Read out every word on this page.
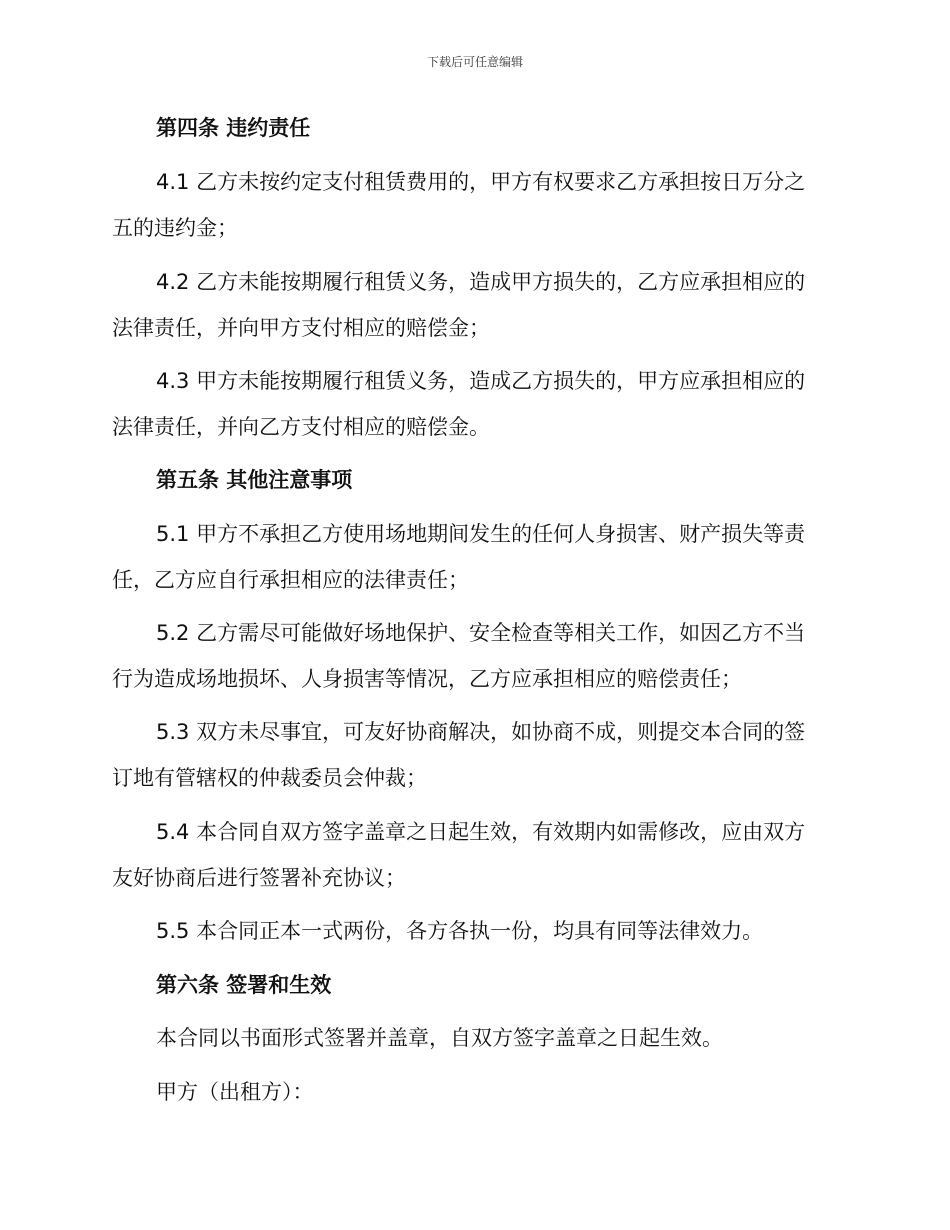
下载后可任意编辑
第四条 违约责任
4.1 乙方未按约定支付租赁费用的，甲方有权要求乙方承担按日万分之
五的违约金；
4.2 乙方未能按期履行租赁义务，造成甲方损失的，乙方应承担相应的
法律责任，并向甲方支付相应的赔偿金；
4.3 甲方未能按期履行租赁义务，造成乙方损失的，甲方应承担相应的
法律责任，并向乙方支付相应的赔偿金。
第五条 其他注意事项
5.1 甲方不承担乙方使用场地期间发生的任何人身损害、财产损失等责
任，乙方应自行承担相应的法律责任；
5.2 乙方需尽可能做好场地保护、安全检查等相关工作，如因乙方不当
行为造成场地损坏、人身损害等情况，乙方应承担相应的赔偿责任；
5.3 双方未尽事宜，可友好协商解决，如协商不成，则提交本合同的签
订地有管辖权的仲裁委员会仲裁；
5.4 本合同自双方签字盖章之日起生效，有效期内如需修改，应由双方
友好协商后进行签署补充协议；
5.5 本合同正本一式两份，各方各执一份，均具有同等法律效力。
第六条 签署和生效
本合同以书面形式签署并盖章，自双方签字盖章之日起生效。
甲方（出租方）：
